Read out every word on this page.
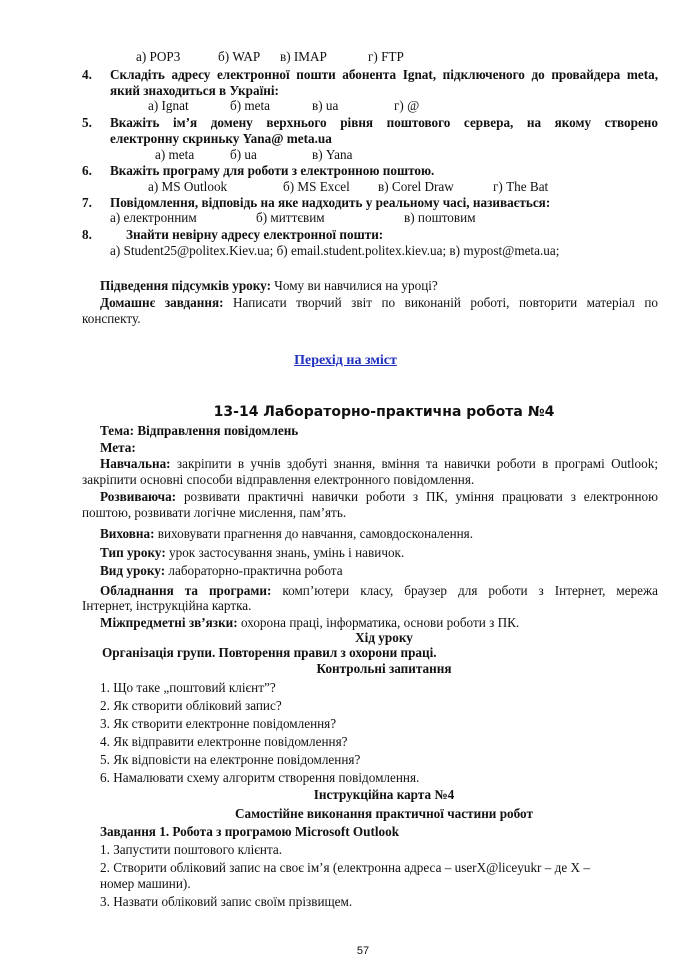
а) POP3	б) WAP в) IMAP	г) FTP
4. Складіть адресу електронної пошти абонента Ignat, підключеного до провайдера meta,
який знаходиться в Україні:
а) Ignat	б) meta	в) ua	г) @
5. Вкажіть ім’я домену верхнього рівня поштового сервера, на якому створено
електронну скриньку Yana@ meta.ua
а) meta	б) ua	в) Yana
6. Вкажіть програму для роботи з електронною поштою.
а) MS Outlook	б) MS Excel в) Corel Draw	г) The Bat
7. Повідомлення, відповідь на яке надходить у реальному часі, називається:
а) електронним	б) миттєвим	в) поштовим
8.	Знайти невірну адресу електронної пошти:
а) Student25@politex.Kiev.ua; б) email.student.politex.kiev.ua; в) mypost@meta.ua;
Підведення підсумків уроку: Чому ви навчилися на уроці?
Домашнє завдання: Написати творчий звіт по виконаній роботі, повторити матеріал по
конспекту.
Перехід на зміст
13-14 Лабораторно-практична робота №4
Тема: Відправлення повідомлень
Мета:
Навчальна: закріпити в учнів здобуті знання, вміння та навички роботи в програмі Outlook;
закріпити основні способи відправлення електронного повідомлення.
Розвиваюча: розвивати практичні навички роботи з ПК, уміння працювати з електронною
поштою, розвивати логічне мислення, пам’ять.
Виховна: виховувати прагнення до навчання, самовдосконалення.
Тип уроку: урок застосування знань, умінь і навичок.
Вид уроку: лабораторно-практична робота
Обладнання та програми: комп’ютери класу, браузер для роботи з Інтернет, мережа
Інтернет, інструкційна картка.
Міжпредметні зв’язки: охорона праці, інформатика, основи роботи з ПК.
Хід уроку
Організація групи. Повторення правил з охорони праці.
Контрольні запитання
1. Що таке „поштовий клієнт”?
2. Як створити обліковий запис?
3. Як створити електронне повідомлення?
4. Як відправити електронне повідомлення?
5. Як відповісти на електронне повідомлення?
6. Намалювати схему алгоритм створення повідомлення.
Інструкційна карта №4
Самостійне виконання практичної частини робот
Завдання 1. Робота з програмою Microsoft Outlook
1. Запустити поштового клієнта.
2. Створити обліковий запис на своє ім’я (електронна адреса – userX@liceyukr – де X –
номер машини).
3. Назвати обліковий запис своїм прізвищем.
57
